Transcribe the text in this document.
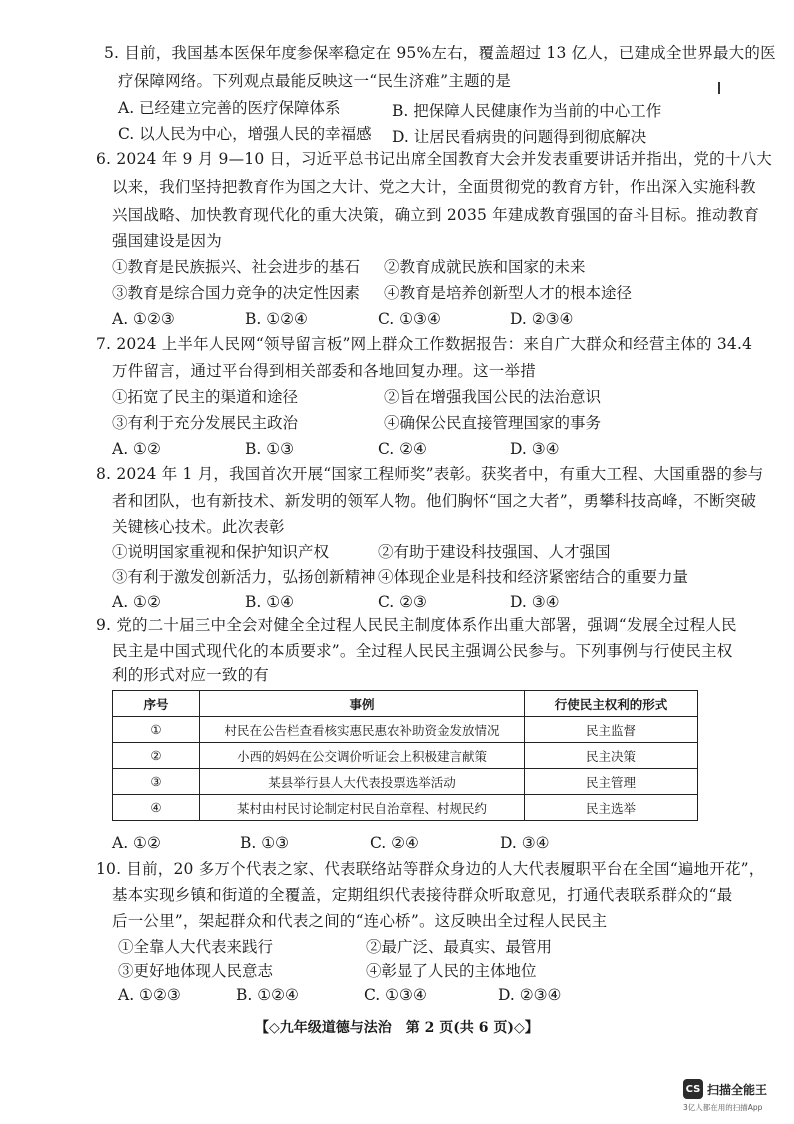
5. 目前，我国基本医保年度参保率稳定在 95%左右，覆盖超过 13 亿人，已建成全世界最大的医
疗保障网络。下列观点最能反映这一“民生济难”主题的是
A. 已经建立完善的医疗保障体系	B. 把保障人民健康作为当前的中心工作
C. 以人民为中心，增强人民的幸福感 D. 让居民看病贵的问题得到彻底解决
6. 2024 年 9 月 9—10 日，习近平总书记出席全国教育大会并发表重要讲话并指出，党的十八大
以来，我们坚持把教育作为国之大计、党之大计，全面贯彻党的教育方针，作出深入实施科教
兴国战略、加快教育现代化的重大决策，确立到 2035 年建成教育强国的奋斗目标。推动教育
强国建设是因为
①教育是民族振兴、社会进步的基石 ②教育成就民族和国家的未来
③教育是综合国力竞争的决定性因素 ④教育是培养创新型人才的根本途径
A. ①②③	B. ①②④	C. ①③④	D. ②③④
7. 2024 上半年人民网“领导留言板”网上群众工作数据报告：来自广大群众和经营主体的 34.4
万件留言，通过平台得到相关部委和各地回复办理。这一举措
①拓宽了民主的渠道和途径	②旨在增强我国公民的法治意识
③有利于充分发展民主政治	④确保公民直接管理国家的事务
A. ①②	B. ①③	C. ②④	D. ③④
8. 2024 年 1 月，我国首次开展“国家工程师奖”表彰。获奖者中，有重大工程、大国重器的参与
者和团队，也有新技术、新发明的领军人物。他们胸怀“国之大者”，勇攀科技高峰，不断突破
关键核心技术。此次表彰
①说明国家重视和保护知识产权	②有助于建设科技强国、人才强国
③有利于激发创新活力，弘扬创新精神 ④体现企业是科技和经济紧密结合的重要力量
A. ①②	B. ①④	C. ②③	D. ③④
9. 党的二十届三中全会对健全全过程人民民主制度体系作出重大部署，强调“发展全过程人民
民主是中国式现代化的本质要求”。全过程人民民主强调公民参与。下列事例与行使民主权
利的形式对应一致的有
序号	事例	行使民主权利的形式
①	村民在公告栏查看核实惠民惠农补助资金发放情况	民主监督
②	小西的妈妈在公交调价听证会上积极建言献策	民主决策
③	某县举行县人大代表投票选举活动	民主管理
④	某村由村民讨论制定村民自治章程、村规民约	民主选举
A. ①②	B. ①③	C. ②④	D. ③④
10. 目前，20 多万个代表之家、代表联络站等群众身边的人大代表履职平台在全国“遍地开花”，
基本实现乡镇和街道的全覆盖，定期组织代表接待群众听取意见，打通代表联系群众的“最
后一公里”，架起群众和代表之间的“连心桥”。这反映出全过程人民民主
①全靠人大代表来践行	②最广泛、最真实、最管用
③更好地体现人民意志	④彰显了人民的主体地位
A. ①②③	B. ①②④	C. ①③④	D. ②③④
【◇九年级道德与法治　第 2 页(共 6 页)◇】
CS 扫描全能王
3亿人都在用的扫描App
